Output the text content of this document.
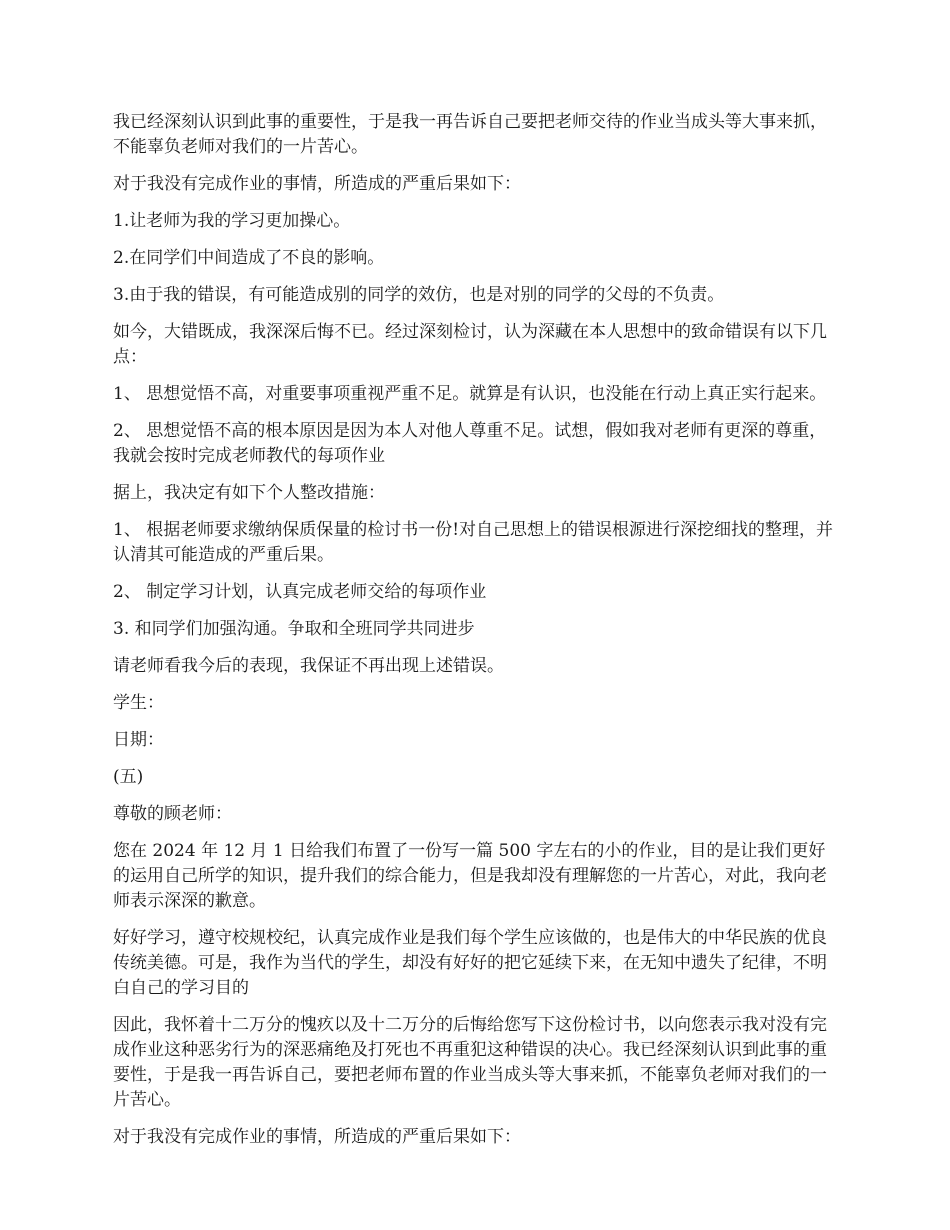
我已经深刻认识到此事的重要性，于是我一再告诉自己要把老师交待的作业当成头等大事来抓，不能辜负老师对我们的一片苦心。

对于我没有完成作业的事情，所造成的严重后果如下：

1.让老师为我的学习更加操心。

2.在同学们中间造成了不良的影响。

3.由于我的错误，有可能造成别的同学的效仿，也是对别的同学的父母的不负责。

如今，大错既成，我深深后悔不已。经过深刻检讨，认为深藏在本人思想中的致命错误有以下几点：

1、 思想觉悟不高，对重要事项重视严重不足。就算是有认识，也没能在行动上真正实行起来。

2、 思想觉悟不高的根本原因是因为本人对他人尊重不足。试想，假如我对老师有更深的尊重，我就会按时完成老师教代的每项作业

据上，我决定有如下个人整改措施：

1、 根据老师要求缴纳保质保量的检讨书一份!对自己思想上的错误根源进行深挖细找的整理，并认清其可能造成的严重后果。

2、 制定学习计划，认真完成老师交给的每项作业

3. 和同学们加强沟通。争取和全班同学共同进步

请老师看我今后的表现，我保证不再出现上述错误。

学生：

日期：

(五)

尊敬的顾老师：

您在 2024 年 12 月 1 日给我们布置了一份写一篇 500 字左右的小的作业，目的是让我们更好的运用自己所学的知识，提升我们的综合能力，但是我却没有理解您的一片苦心，对此，我向老师表示深深的歉意。

好好学习，遵守校规校纪，认真完成作业是我们每个学生应该做的，也是伟大的中华民族的优良传统美德。可是，我作为当代的学生，却没有好好的把它延续下来，在无知中遗失了纪律，不明白自己的学习目的

因此，我怀着十二万分的愧疚以及十二万分的后悔给您写下这份检讨书，以向您表示我对没有完成作业这种恶劣行为的深恶痛绝及打死也不再重犯这种错误的决心。我已经深刻认识到此事的重要性，于是我一再告诉自己，要把老师布置的作业当成头等大事来抓，不能辜负老师对我们的一片苦心。

对于我没有完成作业的事情，所造成的严重后果如下：
